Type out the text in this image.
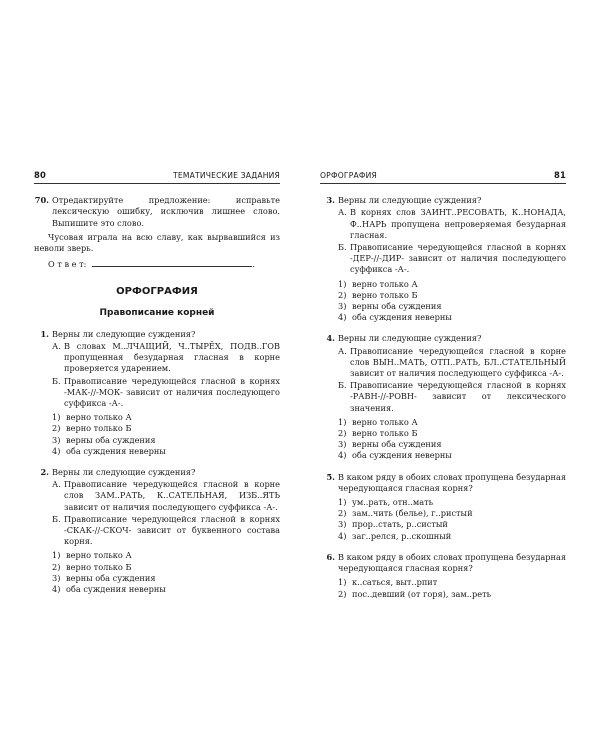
80	ТЕМАТИЧЕСКИЕ ЗАДАНИЯ
70. Отредактируйте предложение: исправьте лексическую ошибку, исключив лишнее слово. Выпишите это слово.
Чусовая играла на всю славу, как вырвавшийся из неволи зверь.
О т в е т:	.
ОРФОГРАФИЯ
Правописание корней
1. Верны ли следующие суждения?
А. В словах М..ЛЧАЩИЙ, Ч..ТЫРЁХ, ПОДВ..ГОВ пропущенная безударная гласная в корне проверяется ударением.
Б. Правописание чередующейся гласной в корнях -МАК-//-МОК- зависит от наличия последующего суффикса -А-.
1) верно только А
2) верно только Б
3) верны оба суждения
4) оба суждения неверны
2. Верны ли следующие суждения?
А. Правописание чередующейся гласной в корне слов ЗАМ..РАТЬ, К..САТЕЛЬНАЯ, ИЗБ..ЯТЬ зависит от наличия последующего суффикса -А-.
Б. Правописание чередующейся гласной в корнях -СКАК-//-СКОЧ- зависит от буквенного состава корня.
1) верно только А
2) верно только Б
3) верны оба суждения
4) оба суждения неверны
ОРФОГРАФИЯ	81
3. Верны ли следующие суждения?
А. В корнях слов ЗАИНТ..РЕСОВАТЬ, К..НОНАДА, Ф..НАРЬ пропущена непроверяемая безударная гласная.
Б. Правописание чередующейся гласной в корнях -ДЕР-//-ДИР- зависит от наличия последующего суффикса -А-.
1) верно только А
2) верно только Б
3) верны оба суждения
4) оба суждения неверны
4. Верны ли следующие суждения?
А. Правописание чередующейся гласной в корне слов ВЫН..МАТЬ, ОТП..РАТЬ, БЛ..СТАТЕЛЬНЫЙ зависит от наличия последующего суффикса -А-.
Б. Правописание чередующейся гласной в корнях -РАВН-//-РОВН- зависит от лексического значения.
1) верно только А
2) верно только Б
3) верны оба суждения
4) оба суждения неверны
5. В каком ряду в обоих словах пропущена безударная чередующаяся гласная корня?
1) ум..рать, отн..мать
2) зам..чить (белье), г..ристый
3) прор..стать, р..систый
4) заг..релся, р..скошный
6. В каком ряду в обоих словах пропущена безударная чередующаяся гласная корня?
1) к..саться, выт..рпит
2) пос..девший (от горя), зам..реть
